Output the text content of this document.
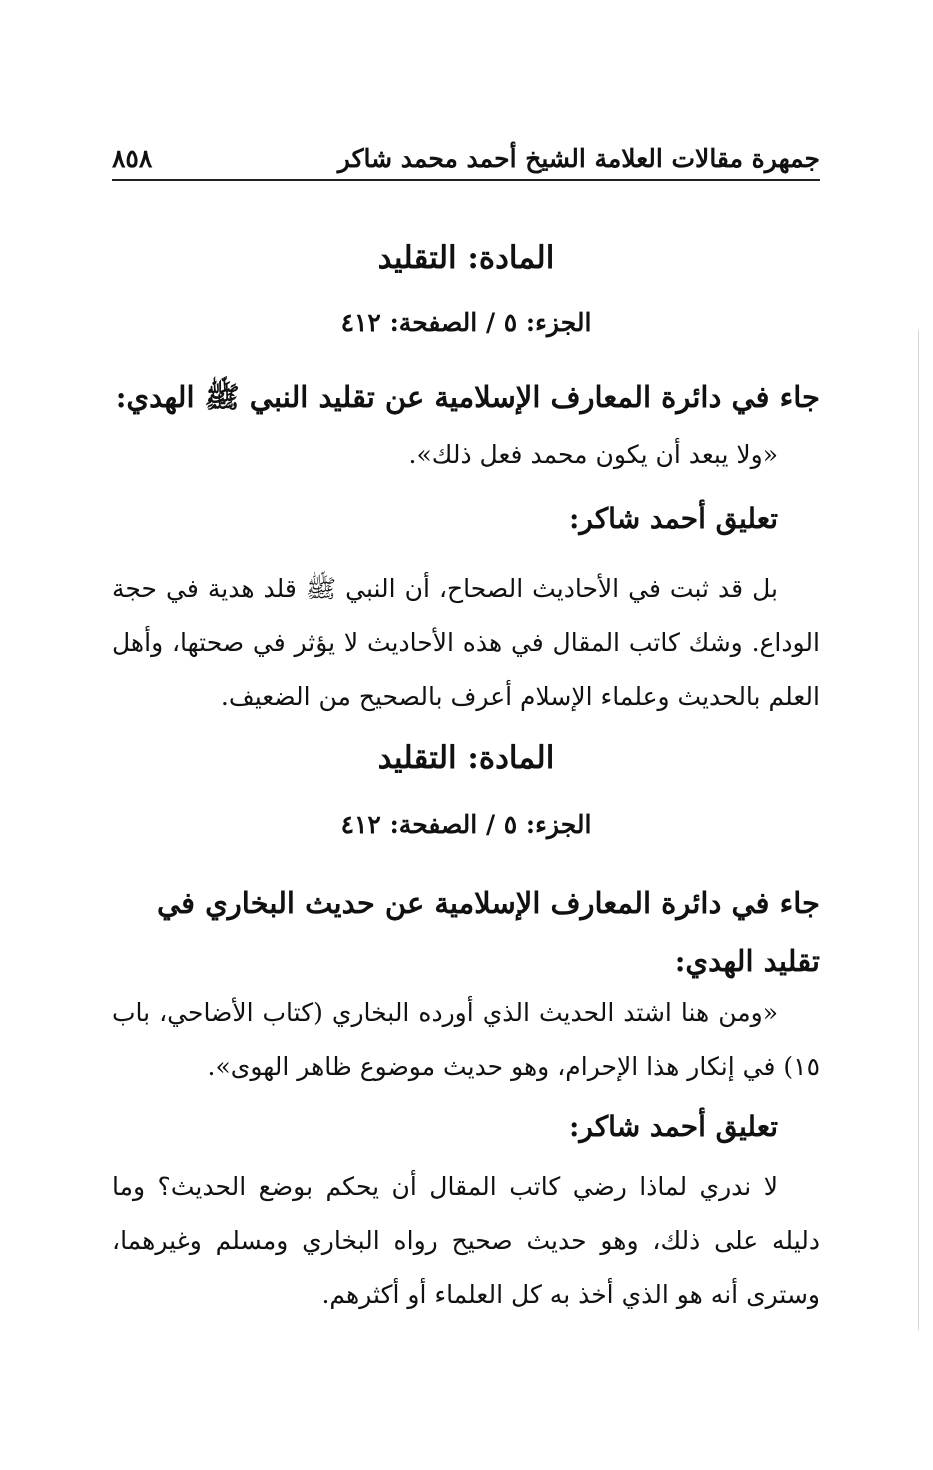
جمهرة مقالات العلامة الشيخ أحمد محمد شاكر
٨٥٨
المادة: التقليد
الجزء: ٥ / الصفحة: ٤١٢
جاء في دائرة المعارف الإسلامية عن تقليد النبي ﷺ الهدي:
«ولا يبعد أن يكون محمد فعل ذلك».
تعليق أحمد شاكر:
بل قد ثبت في الأحاديث الصحاح، أن النبي ﷺ قلد هدية في حجة الوداع. وشك كاتب المقال في هذه الأحاديث لا يؤثر في صحتها، وأهل العلم بالحديث وعلماء الإسلام أعرف بالصحيح من الضعيف.
المادة: التقليد
الجزء: ٥ / الصفحة: ٤١٢
جاء في دائرة المعارف الإسلامية عن حديث البخاري في تقليد الهدي:
«ومن هنا اشتد الحديث الذي أورده البخاري (كتاب الأضاحي، باب ١٥) في إنكار هذا الإحرام، وهو حديث موضوع ظاهر الهوى».
تعليق أحمد شاكر:
لا ندري لماذا رضي كاتب المقال أن يحكم بوضع الحديث؟ وما دليله على ذلك، وهو حديث صحيح رواه البخاري ومسلم وغيرهما، وسترى أنه هو الذي أخذ به كل العلماء أو أكثرهم.
